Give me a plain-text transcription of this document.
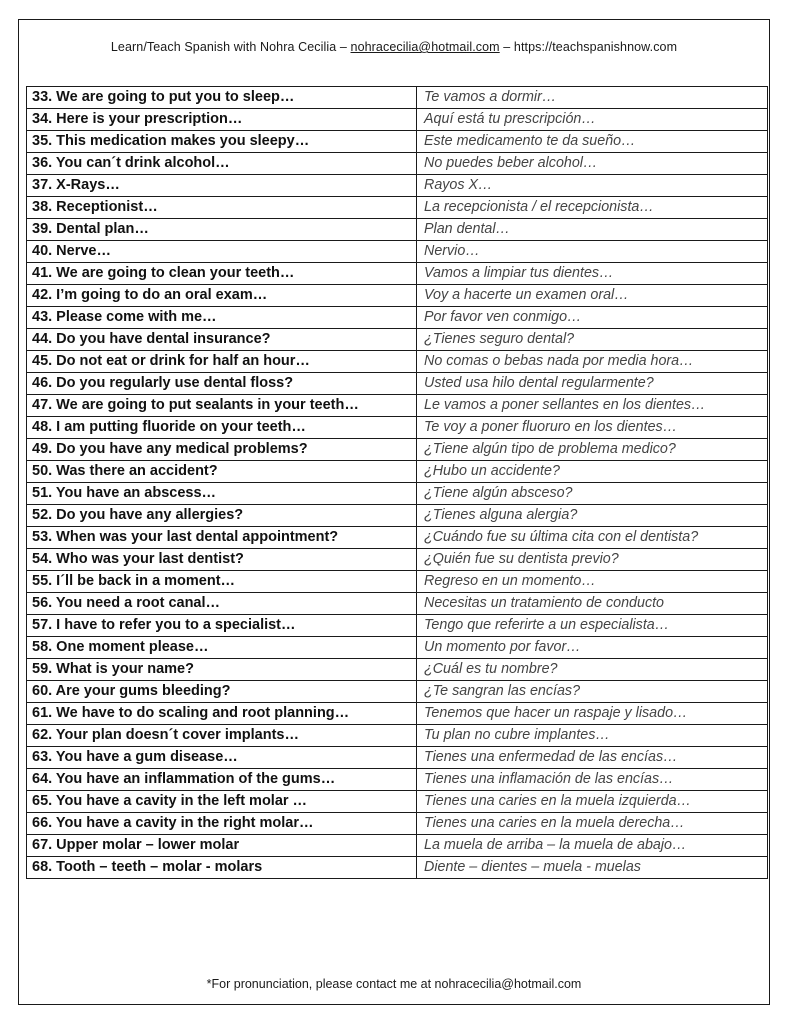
Learn/Teach Spanish with Nohra Cecilia – nohracecilia@hotmail.com – https://teachspanishnow.com
33. We are going to put you to sleep…	Te vamos a dormir…
34. Here is your prescription…	Aquí está tu prescripción…
35. This medication makes you sleepy…	Este medicamento te da sueño…
36. You can´t drink alcohol…	No puedes beber alcohol…
37. X-Rays…	Rayos X…
38. Receptionist…	La recepcionista / el recepcionista…
39. Dental plan…	Plan dental…
40. Nerve…	Nervio…
41. We are going to clean your teeth…	Vamos a limpiar tus dientes…
42. I’m going to do an oral exam…	Voy a hacerte un examen oral…
43. Please come with me…	Por favor ven conmigo…
44. Do you have dental insurance?	¿Tienes seguro dental?
45. Do not eat or drink for half an hour…	No comas o bebas nada por media hora…
46. Do you regularly use dental floss?	Usted usa hilo dental regularmente?
47. We are going to put sealants in your teeth…	Le vamos a poner sellantes en los dientes…
48. I am putting fluoride on your teeth…	Te voy a poner fluoruro en los dientes…
49. Do you have any medical problems?	¿Tiene algún tipo de problema medico?
50. Was there an accident?	¿Hubo un accidente?
51. You have an abscess…	¿Tiene algún absceso?
52. Do you have any allergies?	¿Tienes alguna alergia?
53. When was your last dental appointment?	¿Cuándo fue su última cita con el dentista?
54. Who was your last dentist?	¿Quién fue su dentista previo?
55. I´ll be back in a moment…	Regreso en un momento…
56. You need a root canal…	Necesitas un tratamiento de conducto
57. I have to refer you to a specialist…	Tengo que referirte a un especialista…
58. One moment please…	Un momento por favor…
59. What is your name?	¿Cuál es tu nombre?
60. Are your gums bleeding?	¿Te sangran las encías?
61. We have to do scaling and root planning…	Tenemos que hacer un raspaje y lisado…
62. Your plan doesn´t cover implants…	Tu plan no cubre implantes…
63. You have a gum disease…	Tienes una enfermedad de las encías…
64. You have an inflammation of the gums…	Tienes una inflamación de las encías…
65. You have a cavity in the left molar …	Tienes una caries en la muela izquierda…
66. You have a cavity in the right molar…	Tienes una caries en la muela derecha…
67. Upper molar – lower molar	La muela de arriba – la muela de abajo…
68. Tooth – teeth – molar - molars	Diente – dientes – muela - muelas
*For pronunciation, please contact me at nohracecilia@hotmail.com
